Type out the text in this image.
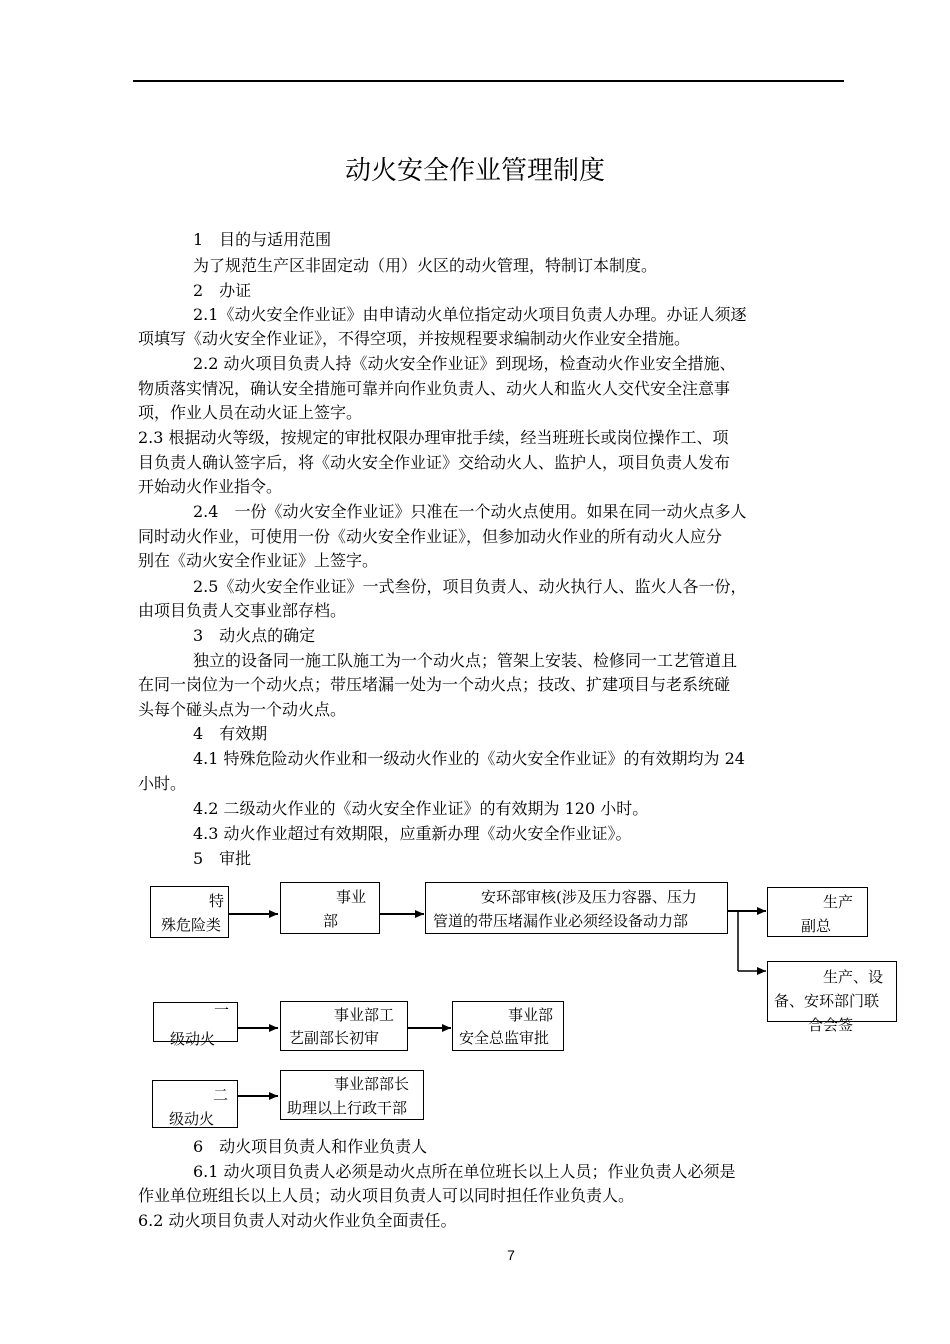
动火安全作业管理制度
1　目的与适用范围
为了规范生产区非固定动（用）火区的动火管理，特制订本制度。
2　办证
2.1《动火安全作业证》由申请动火单位指定动火项目负责人办理。办证人须逐
项填写《动火安全作业证》，不得空项，并按规程要求编制动火作业安全措施。
2.2 动火项目负责人持《动火安全作业证》到现场，检查动火作业安全措施、
物质落实情况，确认安全措施可靠并向作业负责人、动火人和监火人交代安全注意事
项，作业人员在动火证上签字。
2.3 根据动火等级，按规定的审批权限办理审批手续，经当班班长或岗位操作工、项
目负责人确认签字后，将《动火安全作业证》交给动火人、监护人，项目负责人发布
开始动火作业指令。
2.4　一份《动火安全作业证》只准在一个动火点使用。如果在同一动火点多人
同时动火作业，可使用一份《动火安全作业证》，但参加动火作业的所有动火人应分
别在《动火安全作业证》上签字。
2.5《动火安全作业证》一式叁份，项目负责人、动火执行人、监火人各一份，
由项目负责人交事业部存档。
3　动火点的确定
独立的设备同一施工队施工为一个动火点；管架上安装、检修同一工艺管道且
在同一岗位为一个动火点；带压堵漏一处为一个动火点；技改、扩建项目与老系统碰
头每个碰头点为一个动火点。
4　有效期
4.1 特殊危险动火作业和一级动火作业的《动火安全作业证》的有效期均为 24
小时。
4.2 二级动火作业的《动火安全作业证》的有效期为 120 小时。
4.3 动火作业超过有效期限，应重新办理《动火安全作业证》。
5　审批
特
殊危险类
事业
部
安环部审核(涉及压力容器、压力
管道的带压堵漏作业必须经设备动力部
生产
副总
生产、设
备、安环部门联
合会签
一
级动火
事业部工
艺副部长初审
事业部
安全总监审批
二
级动火
事业部部长
助理以上行政干部
6　动火项目负责人和作业负责人
6.1 动火项目负责人必须是动火点所在单位班长以上人员；作业负责人必须是
作业单位班组长以上人员；动火项目负责人可以同时担任作业负责人。
6.2 动火项目负责人对动火作业负全面责任。
7
